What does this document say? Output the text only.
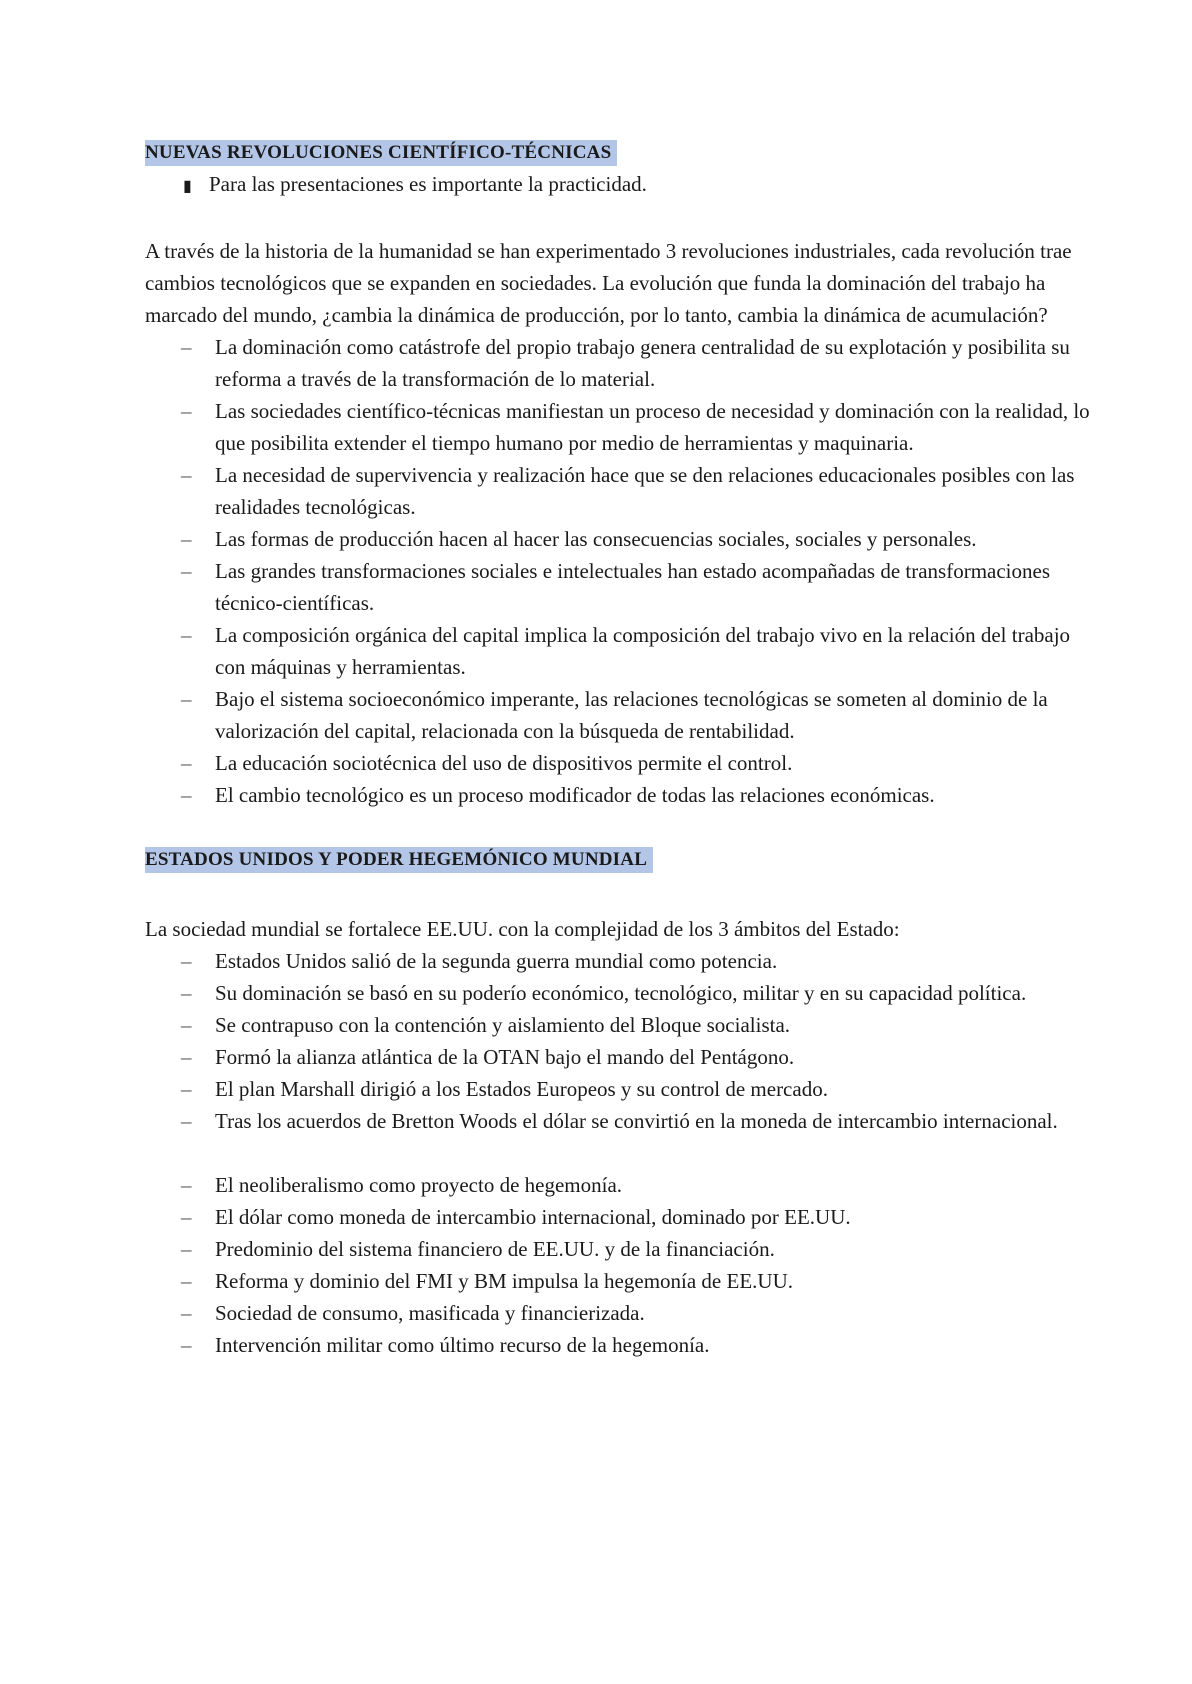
NUEVAS REVOLUCIONES CIENTÍFICO-TÉCNICAS
▮ Para las presentaciones es importante la practicidad.

A través de la historia de la humanidad se han experimentado 3 revoluciones industriales, cada revolución trae cambios tecnológicos que se expanden en sociedades. La evolución que funda la dominación del trabajo ha marcado del mundo, ¿cambia la dinámica de producción, por lo tanto, cambia la dinámica de acumulación?

– La dominación como catástrofe del propio trabajo genera centralidad de su explotación y posibilita su reforma a través de la transformación de lo material.
– Las sociedades científico-técnicas manifiestan un proceso de necesidad y dominación con la realidad, lo que posibilita extender el tiempo humano por medio de herramientas y maquinaria.
– La necesidad de supervivencia y realización hace que se den relaciones educacionales posibles con las realidades tecnológicas.
– Las formas de producción hacen al hacer las consecuencias sociales, sociales y personales.
– Las grandes transformaciones sociales e intelectuales han estado acompañadas de transformaciones técnico-científicas.
– La composición orgánica del capital implica la composición del trabajo vivo en la relación del trabajo con máquinas y herramientas.
– Bajo el sistema socioeconómico imperante, las relaciones tecnológicas se someten al dominio de la valorización del capital, relacionada con la búsqueda de rentabilidad.
– La educación sociotécnica del uso de dispositivos permite el control.
– El cambio tecnológico es un proceso modificador de todas las relaciones económicas.
ESTADOS UNIDOS Y PODER HEGEMÓNICO MUNDIAL

La sociedad mundial se fortalece EE.UU. con la complejidad de los 3 ámbitos del Estado:

– Estados Unidos salió de la segunda guerra mundial como potencia.
– Su dominación se basó en su poderío económico, tecnológico, militar y en su capacidad política.
– Se contrapuso con la contención y aislamiento del Bloque socialista.
– Formó la alianza atlántica de la OTAN bajo el mando del Pentágono.
– El plan Marshall dirigió a los Estados Europeos y su control de mercado.
– Tras los acuerdos de Bretton Woods el dólar se convirtió en la moneda de intercambio internacional.
– El neoliberalismo como proyecto de hegemonía.
– El dólar como moneda de intercambio internacional, dominado por EE.UU.
– Predominio del sistema financiero de EE.UU. y de la financiación.
– Reforma y dominio del FMI y BM impulsa la hegemonía de EE.UU.
– Sociedad de consumo, masificada y financierizada.
– Intervención militar como último recurso de la hegemonía.
